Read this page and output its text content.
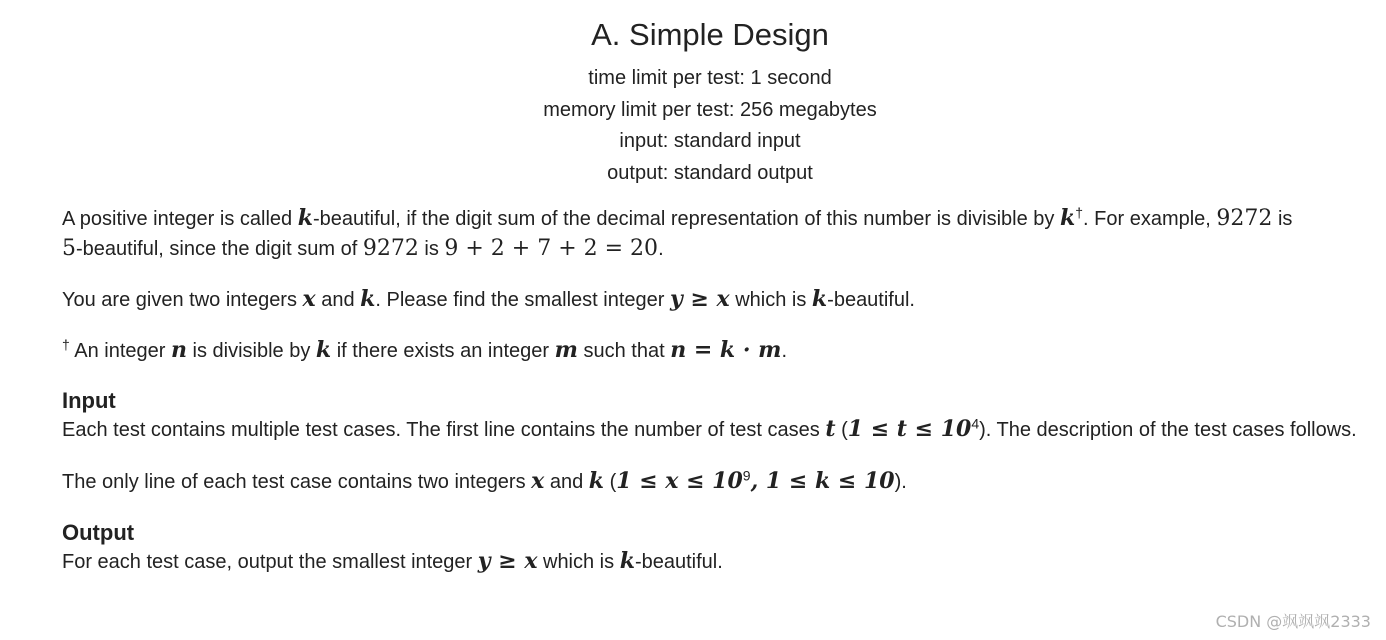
A. Simple Design
time limit per test: 1 second
memory limit per test: 256 megabytes
input: standard input
output: standard output

A positive integer is called k-beautiful, if the digit sum of the decimal representation of this number is divisible by k†. For example, 9272 is
5-beautiful, since the digit sum of 9272 is 9 + 2 + 7 + 2 = 20.

You are given two integers x and k. Please find the smallest integer y ≥ x which is k-beautiful.

† An integer n is divisible by k if there exists an integer m such that n = k · m.

Input

Each test contains multiple test cases. The first line contains the number of test cases t $(1 \le t \le 10^4)$. The description of the test cases follows.

The only line of each test case contains two integers x and k ($1 \le x \le 10^9$, 1 ≤ k ≤ 10).

Output

For each test case, output the smallest integer y ≥ x which is k-beautiful.

CSDN @飒飒飒2333
